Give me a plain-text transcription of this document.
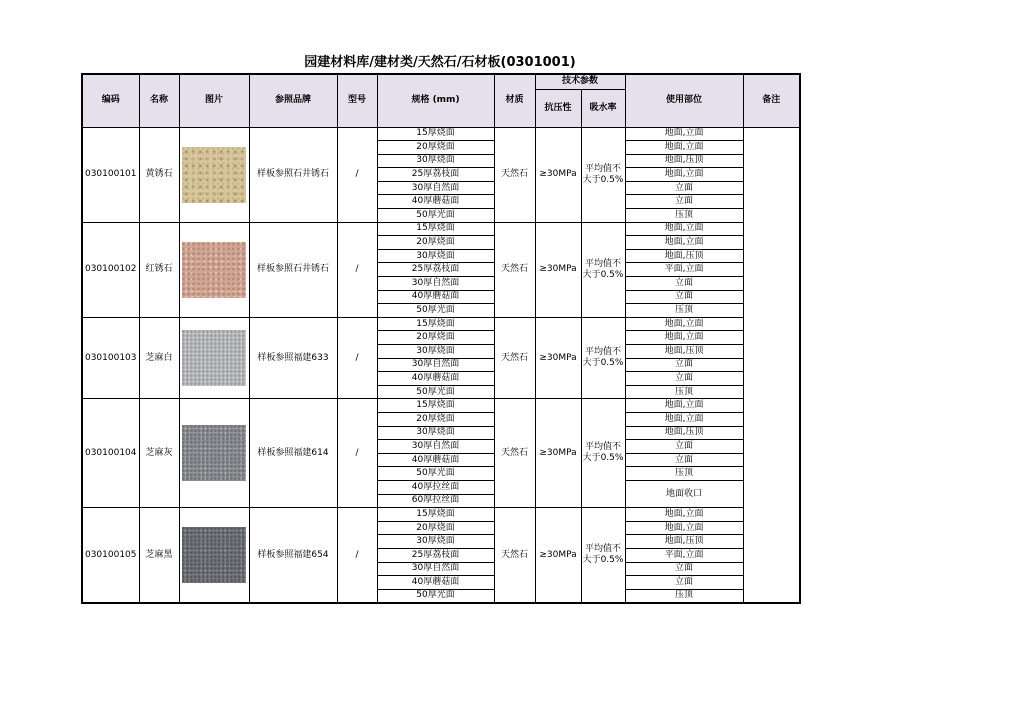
园建材料库/建材类/天然石/石材板(0301001)
编码	名称	图片	参照品牌	型号	规格 (mm)	材质	技术参数		使用部位	备注
							抗压性	吸水率		
030100101	黄锈石		样板参照石井锈石	/	15厚烧面	天然石	≥30MPa	平均值不大于0.5%	地面,立面	
					20厚烧面				地面,立面	
					30厚烧面				地面,压顶	
					25厚荔枝面				地面,立面	
					30厚自然面				立面	
					40厚蘑菇面				立面	
					50厚光面				压顶	
030100102	红锈石		样板参照石井锈石	/	15厚烧面	天然石	≥30MPa	平均值不大于0.5%	地面,立面	
					20厚烧面				地面,立面	
					30厚烧面				地面,压顶	
					25厚荔枝面				平面,立面	
					30厚自然面				立面	
					40厚蘑菇面				立面	
					50厚光面				压顶	
030100103	芝麻白		样板参照福建633	/	15厚烧面	天然石	≥30MPa	平均值不大于0.5%	地面,立面	
					20厚烧面				地面,立面	
					30厚烧面				地面,压顶	
					30厚自然面				立面	
					40厚蘑菇面				立面	
					50厚光面				压顶	
030100104	芝麻灰		样板参照福建614	/	15厚烧面	天然石	≥30MPa	平均值不大于0.5%	地面,立面	
					20厚烧面				地面,立面	
					30厚烧面				地面,压顶	
					30厚自然面				立面	
					40厚蘑菇面				立面	
					50厚光面				压顶	
					40厚拉丝面				地面收口	
					60厚拉丝面					
030100105	芝麻黑		样板参照福建654	/	15厚烧面	天然石	≥30MPa	平均值不大于0.5%	地面,立面	
					20厚烧面				地面,立面	
					30厚烧面				地面,压顶	
					25厚荔枝面				平面,立面	
					30厚自然面				立面	
					40厚蘑菇面				立面	
					50厚光面				压顶	
